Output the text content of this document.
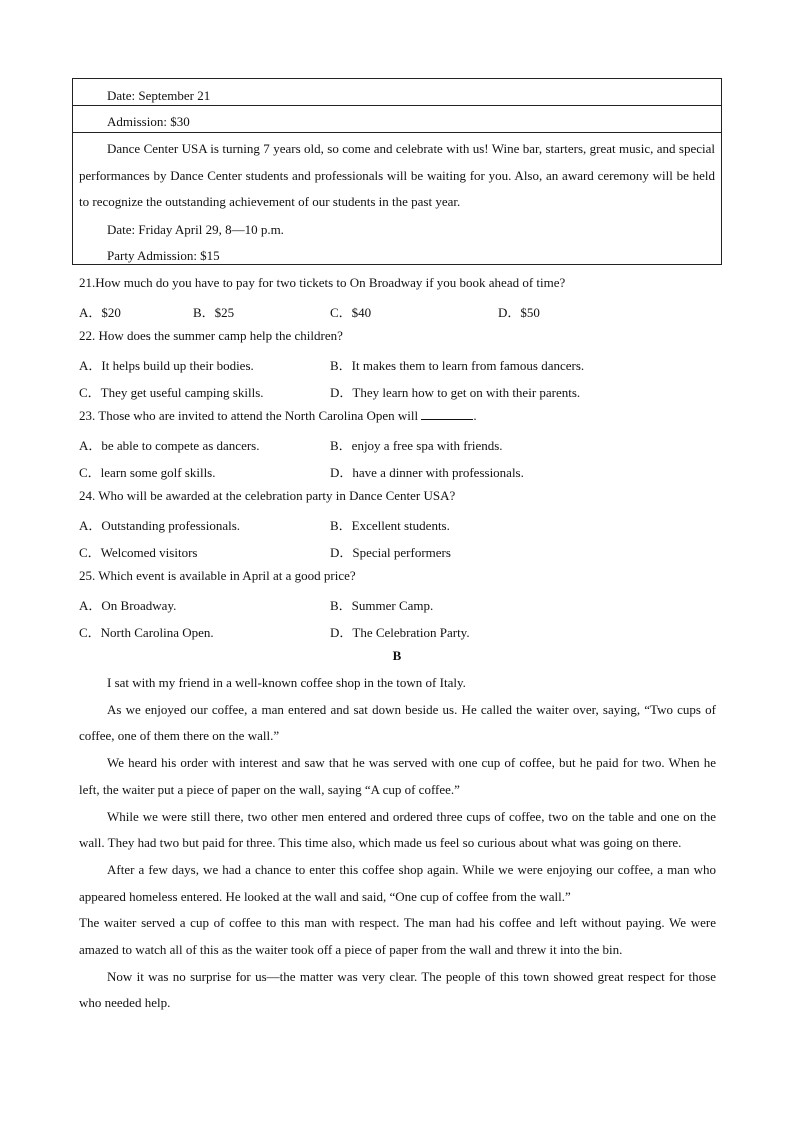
Date: September 21
Admission: $30
Dance Center USA is turning 7 years old, so come and celebrate with us! Wine bar, starters, great music, and special performances by Dance Center students and professionals will be waiting for you. Also, an award ceremony will be held to recognize the outstanding achievement of our students in the past year.
Date: Friday April 29, 8—10 p.m.
Party Admission: $15
21.How much do you have to pay for two tickets to On Broadway if you book ahead of time?
A．$20	B．$25	C．$40	D．$50
22. How does the summer camp help the children?
A．It helps build up their bodies.	B．It makes them to learn from famous dancers.
C．They get useful camping skills.	D．They learn how to get on with their parents.
23. Those who are invited to attend the North Carolina Open will	.
A．be able to compete as dancers.	B．enjoy a free spa with friends.
C．learn some golf skills.	D．have a dinner with professionals.
24. Who will be awarded at the celebration party in Dance Center USA?
A．Outstanding professionals.	B．Excellent students.
C．Welcomed visitors	D．Special performers
25. Which event is available in April at a good price?
A．On Broadway.	B．Summer Camp.
C．North Carolina Open.	D．The Celebration Party.
B

I sat with my friend in a well-known coffee shop in the town of Italy.

As we enjoyed our coffee, a man entered and sat down beside us. He called the waiter over, saying, “Two cups of coffee, one of them there on the wall.”

We heard his order with interest and saw that he was served with one cup of coffee, but he paid for two. When he left, the waiter put a piece of paper on the wall, saying “A cup of coffee.”

While we were still there, two other men entered and ordered three cups of coffee, two on the table and one on the wall. They had two but paid for three. This time also, which made us feel so curious about what was going on there.

After a few days, we had a chance to enter this coffee shop again. While we were enjoying our coffee, a man who appeared homeless entered. He looked at the wall and said, “One cup of coffee from the wall.”

The waiter served a cup of coffee to this man with respect. The man had his coffee and left without paying. We were amazed to watch all of this as the waiter took off a piece of paper from the wall and threw it into the bin.

Now it was no surprise for us—the matter was very clear. The people of this town showed great respect for those who needed help.
